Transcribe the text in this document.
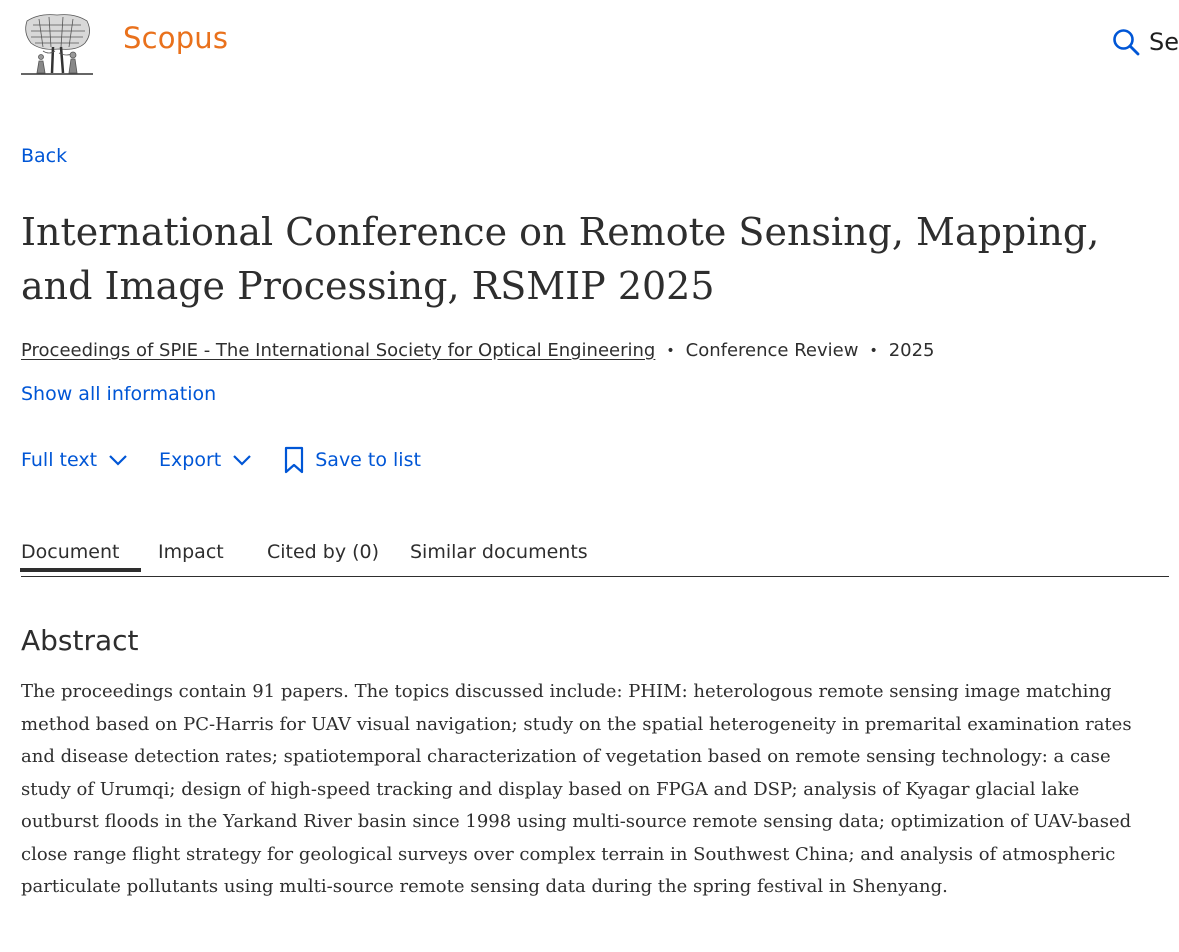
Scopus	Se
Back
International Conference on Remote Sensing, Mapping, and Image Processing, RSMIP 2025
Proceedings of SPIE - The International Society for Optical Engineering • Conference Review • 2025
Show all information
Full text	Export	Save to list
Document Impact Cited by (0) Similar documents
Abstract

The proceedings contain 91 papers. The topics discussed include: PHIM: heterologous remote sensing image matching method based on PC-Harris for UAV visual navigation; study on the spatial heterogeneity in premarital examination rates and disease detection rates; spatiotemporal characterization of vegetation based on remote sensing technology: a case study of Urumqi; design of high-speed tracking and display based on FPGA and DSP; analysis of Kyagar glacial lake outburst floods in the Yarkand River basin since 1998 using multi-source remote sensing data; optimization of UAV-based close range flight strategy for geological surveys over complex terrain in Southwest China; and analysis of atmospheric particulate pollutants using multi-source remote sensing data during the spring festival in Shenyang.
